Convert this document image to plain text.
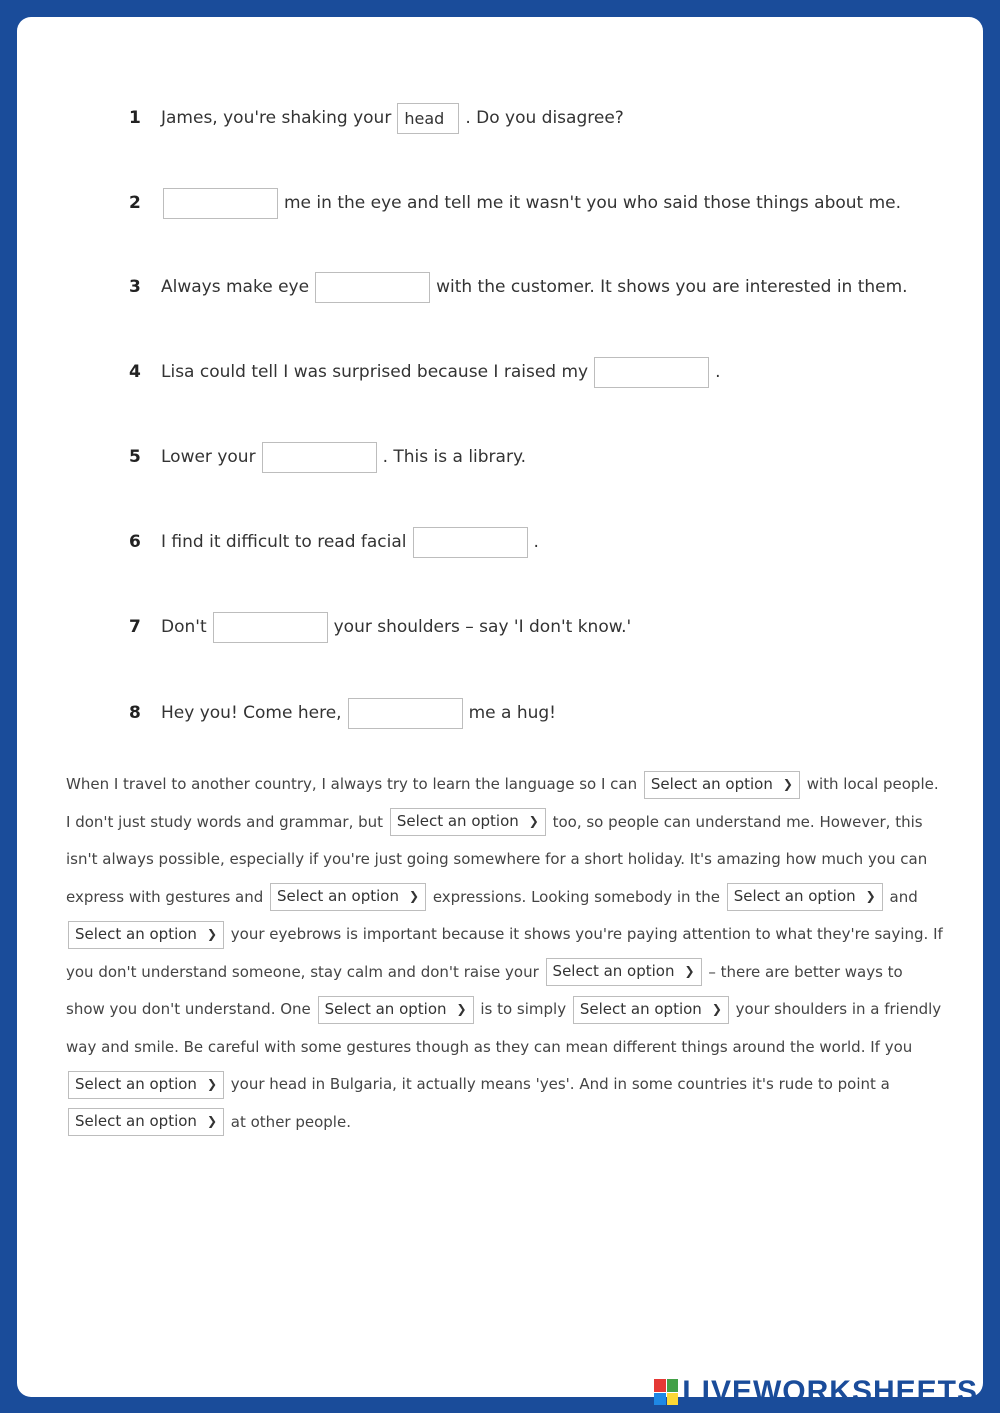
1	James, you're shaking your head	. Do you disagree?
2	me in the eye and tell me it wasn't you who said those things about me.
3	Always make eye	with the customer. It shows you are interested in them.
4	Lisa could tell I was surprised because I raised my	.
5	Lower your	. This is a library.
6	I find it difficult to read facial	.
7	Don't	your shoulders – say 'I don't know.'
8	Hey you! Come here,	me a hug!
When I travel to another country, I always try to learn the language so I can Select an option ❯ with local people. I don't just study words and grammar, but Select an option ❯ too, so people can understand me. However, this isn't always possible, especially if you're just going somewhere for a short holiday. It's amazing how much you can express with gestures and Select an option ❯ expressions. Looking somebody in the Select an option ❯ and
Select an option ❯ your eyebrows is important because it shows you're paying attention to what they're saying. If you don't understand someone, stay calm and don't raise your Select an option ❯ – there are better ways to show you don't understand. One Select an option ❯ is to simply Select an option ❯ your shoulders in a friendly way and smile. Be careful with some gestures though as they can mean different things around the world. If you
Select an option ❯ your head in Bulgaria, it actually means 'yes'. And in some countries it's rude to point a
Select an option ❯ at other people.
LIVEWORKSHEETS
